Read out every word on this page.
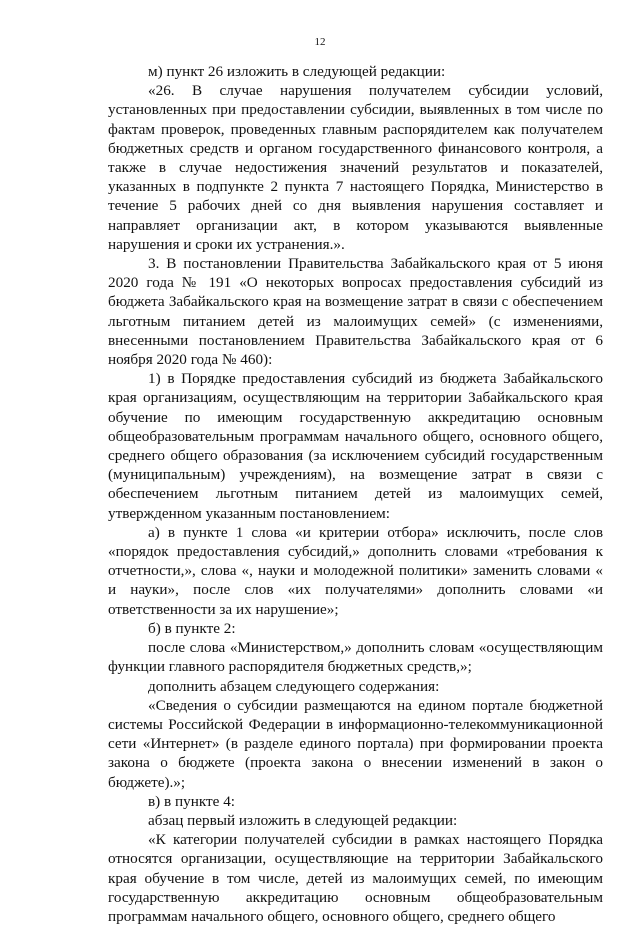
12

м) пункт 26 изложить в следующей редакции:

«26. В случае нарушения получателем субсидии условий, установленных при предоставлении субсидии, выявленных в том числе по фактам проверок, проведенных главным распорядителем как получателем бюджетных средств и органом государственного финансового контроля, а также в случае недостижения значений результатов и показателей, указанных в подпункте 2 пункта 7 настоящего Порядка, Министерство в течение 5 рабочих дней со дня выявления нарушения составляет и направляет организации акт, в котором указываются выявленные нарушения и сроки их устранения.».

3. В постановлении Правительства Забайкальского края от 5 июня 2020 года № 191 «О некоторых вопросах предоставления субсидий из бюджета Забайкальского края на возмещение затрат в связи с обеспечением льготным питанием детей из малоимущих семей» (с изменениями, внесенными постановлением Правительства Забайкальского края от 6 ноября 2020 года № 460):

1) в Порядке предоставления субсидий из бюджета Забайкальского края организациям, осуществляющим на территории Забайкальского края обучение по имеющим государственную аккредитацию основным общеобразовательным программам начального общего, основного общего, среднего общего образования (за исключением субсидий государственным (муниципальным) учреждениям), на возмещение затрат в связи с обеспечением льготным питанием детей из малоимущих семей, утвержденном указанным постановлением:

а) в пункте 1 слова «и критерии отбора» исключить, после слов «порядок предоставления субсидий,» дополнить словами «требования к отчетности,», слова «, науки и молодежной политики» заменить словами « и науки», после слов «их получателями» дополнить словами «и ответственности за их нарушение»;

б) в пункте 2:

после слова «Министерством,» дополнить словам «осуществляющим функции главного распорядителя бюджетных средств,»;

дополнить абзацем следующего содержания:

«Сведения о субсидии размещаются на едином портале бюджетной системы Российской Федерации в информационно-телекоммуникационной сети «Интернет» (в разделе единого портала) при формировании проекта закона о бюджете (проекта закона о внесении изменений в закон о бюджете).»;

в) в пункте 4:

абзац первый изложить в следующей редакции:

«К категории получателей субсидии в рамках настоящего Порядка относятся организации, осуществляющие на территории Забайкальского края обучение в том числе, детей из малоимущих семей, по имеющим государственную аккредитацию основным общеобразовательным программам начального общего, основного общего, среднего общего
